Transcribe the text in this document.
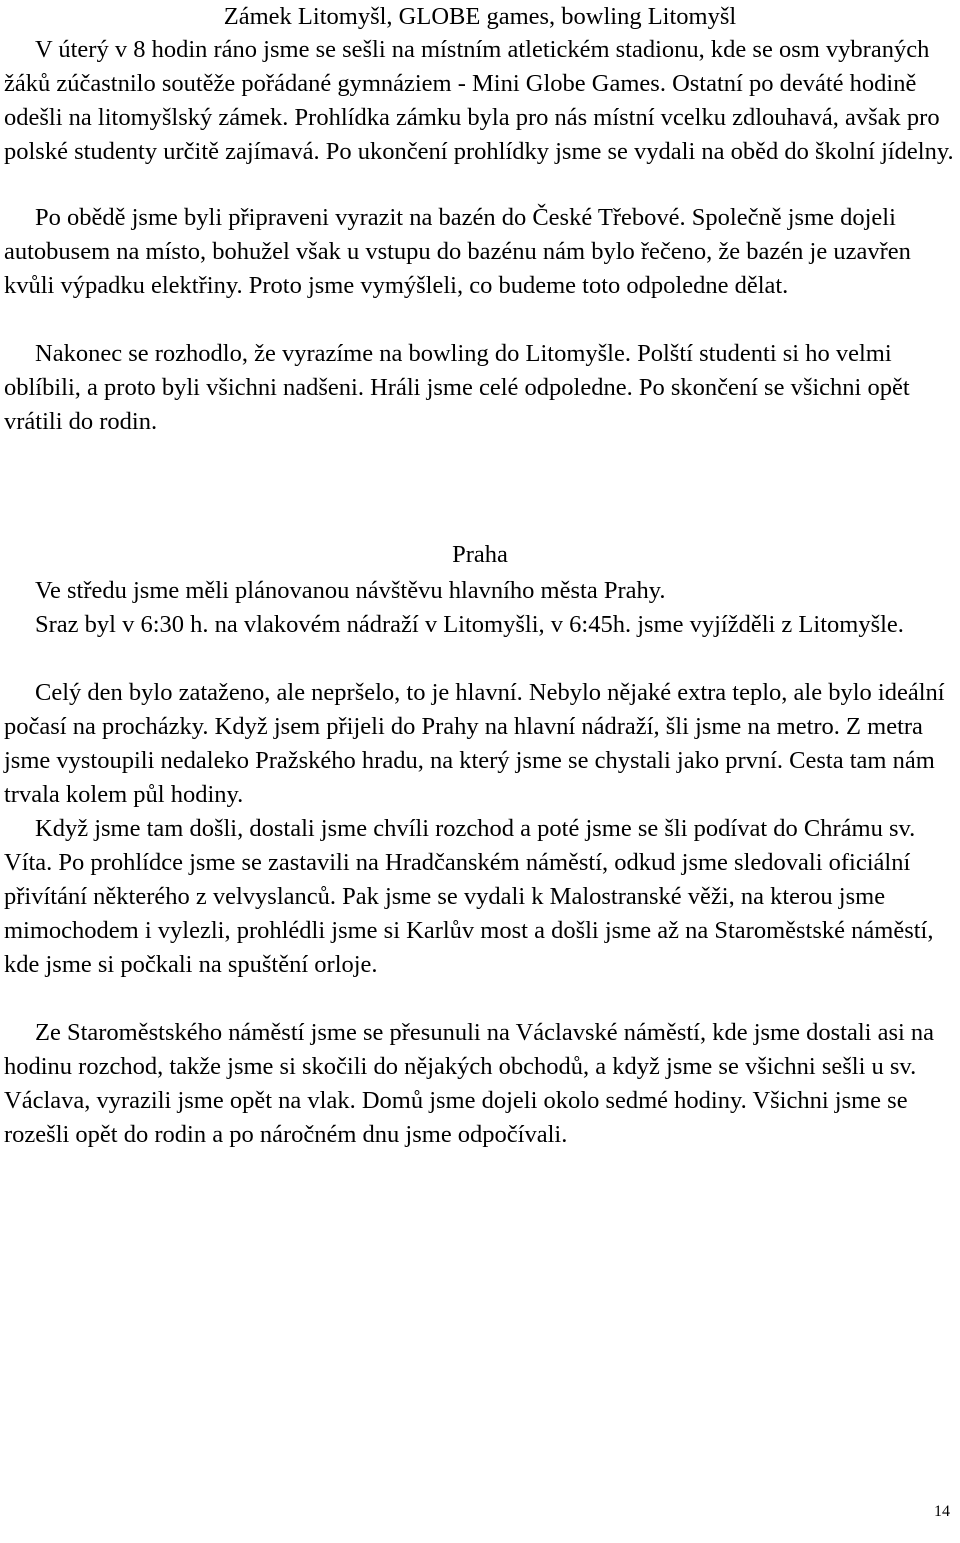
Zámek Litomyšl, GLOBE games, bowling Litomyšl

V úterý v 8 hodin ráno jsme se sešli na místním atletickém stadionu, kde se osm vybraných žáků zúčastnilo soutěže pořádané gymnáziem - Mini Globe Games. Ostatní po deváté hodině odešli na litomyšlský zámek. Prohlídka zámku byla pro nás místní vcelku zdlouhavá, avšak pro polské studenty určitě zajímavá. Po ukončení prohlídky jsme se vydali na oběd do školní jídelny.

Po obědě jsme byli připraveni vyrazit na bazén do České Třebové. Společně jsme dojeli autobusem na místo, bohužel však u vstupu do bazénu nám bylo řečeno, že bazén je uzavřen kvůli výpadku elektřiny. Proto jsme vymýšleli, co budeme toto odpoledne dělat.

Nakonec se rozhodlo, že vyrazíme na bowling do Litomyšle. Polští studenti si ho velmi oblíbili, a proto byli všichni nadšeni. Hráli jsme celé odpoledne. Po skončení se všichni opět vrátili do rodin.

Praha

Ve středu jsme měli plánovanou návštěvu hlavního města Prahy.

Sraz byl v 6:30 h. na vlakovém nádraží v Litomyšli, v 6:45h. jsme vyjížděli z Litomyšle.

Celý den bylo zataženo, ale nepršelo, to je hlavní. Nebylo nějaké extra teplo, ale bylo ideální počasí na procházky. Když jsem přijeli do Prahy na hlavní nádraží, šli jsme na metro. Z metra jsme vystoupili nedaleko Pražského hradu, na který jsme se chystali jako první. Cesta tam nám trvala kolem půl hodiny.

Když jsme tam došli, dostali jsme chvíli rozchod a poté jsme se šli podívat do Chrámu sv. Víta. Po prohlídce jsme se zastavili na Hradčanském náměstí, odkud jsme sledovali oficiální přivítání některého z velvyslanců. Pak jsme se vydali k Malostranské věži, na kterou jsme mimochodem i vylezli, prohlédli jsme si Karlův most a došli jsme až na Staroměstské náměstí, kde jsme si počkali na spuštění orloje.

Ze Staroměstského náměstí jsme se přesunuli na Václavské náměstí, kde jsme dostali asi na hodinu rozchod, takže jsme si skočili do nějakých obchodů, a když jsme se všichni sešli u sv. Václava, vyrazili jsme opět na vlak. Domů jsme dojeli okolo sedmé hodiny. Všichni jsme se rozešli opět do rodin a po náročném dnu jsme odpočívali.

14
